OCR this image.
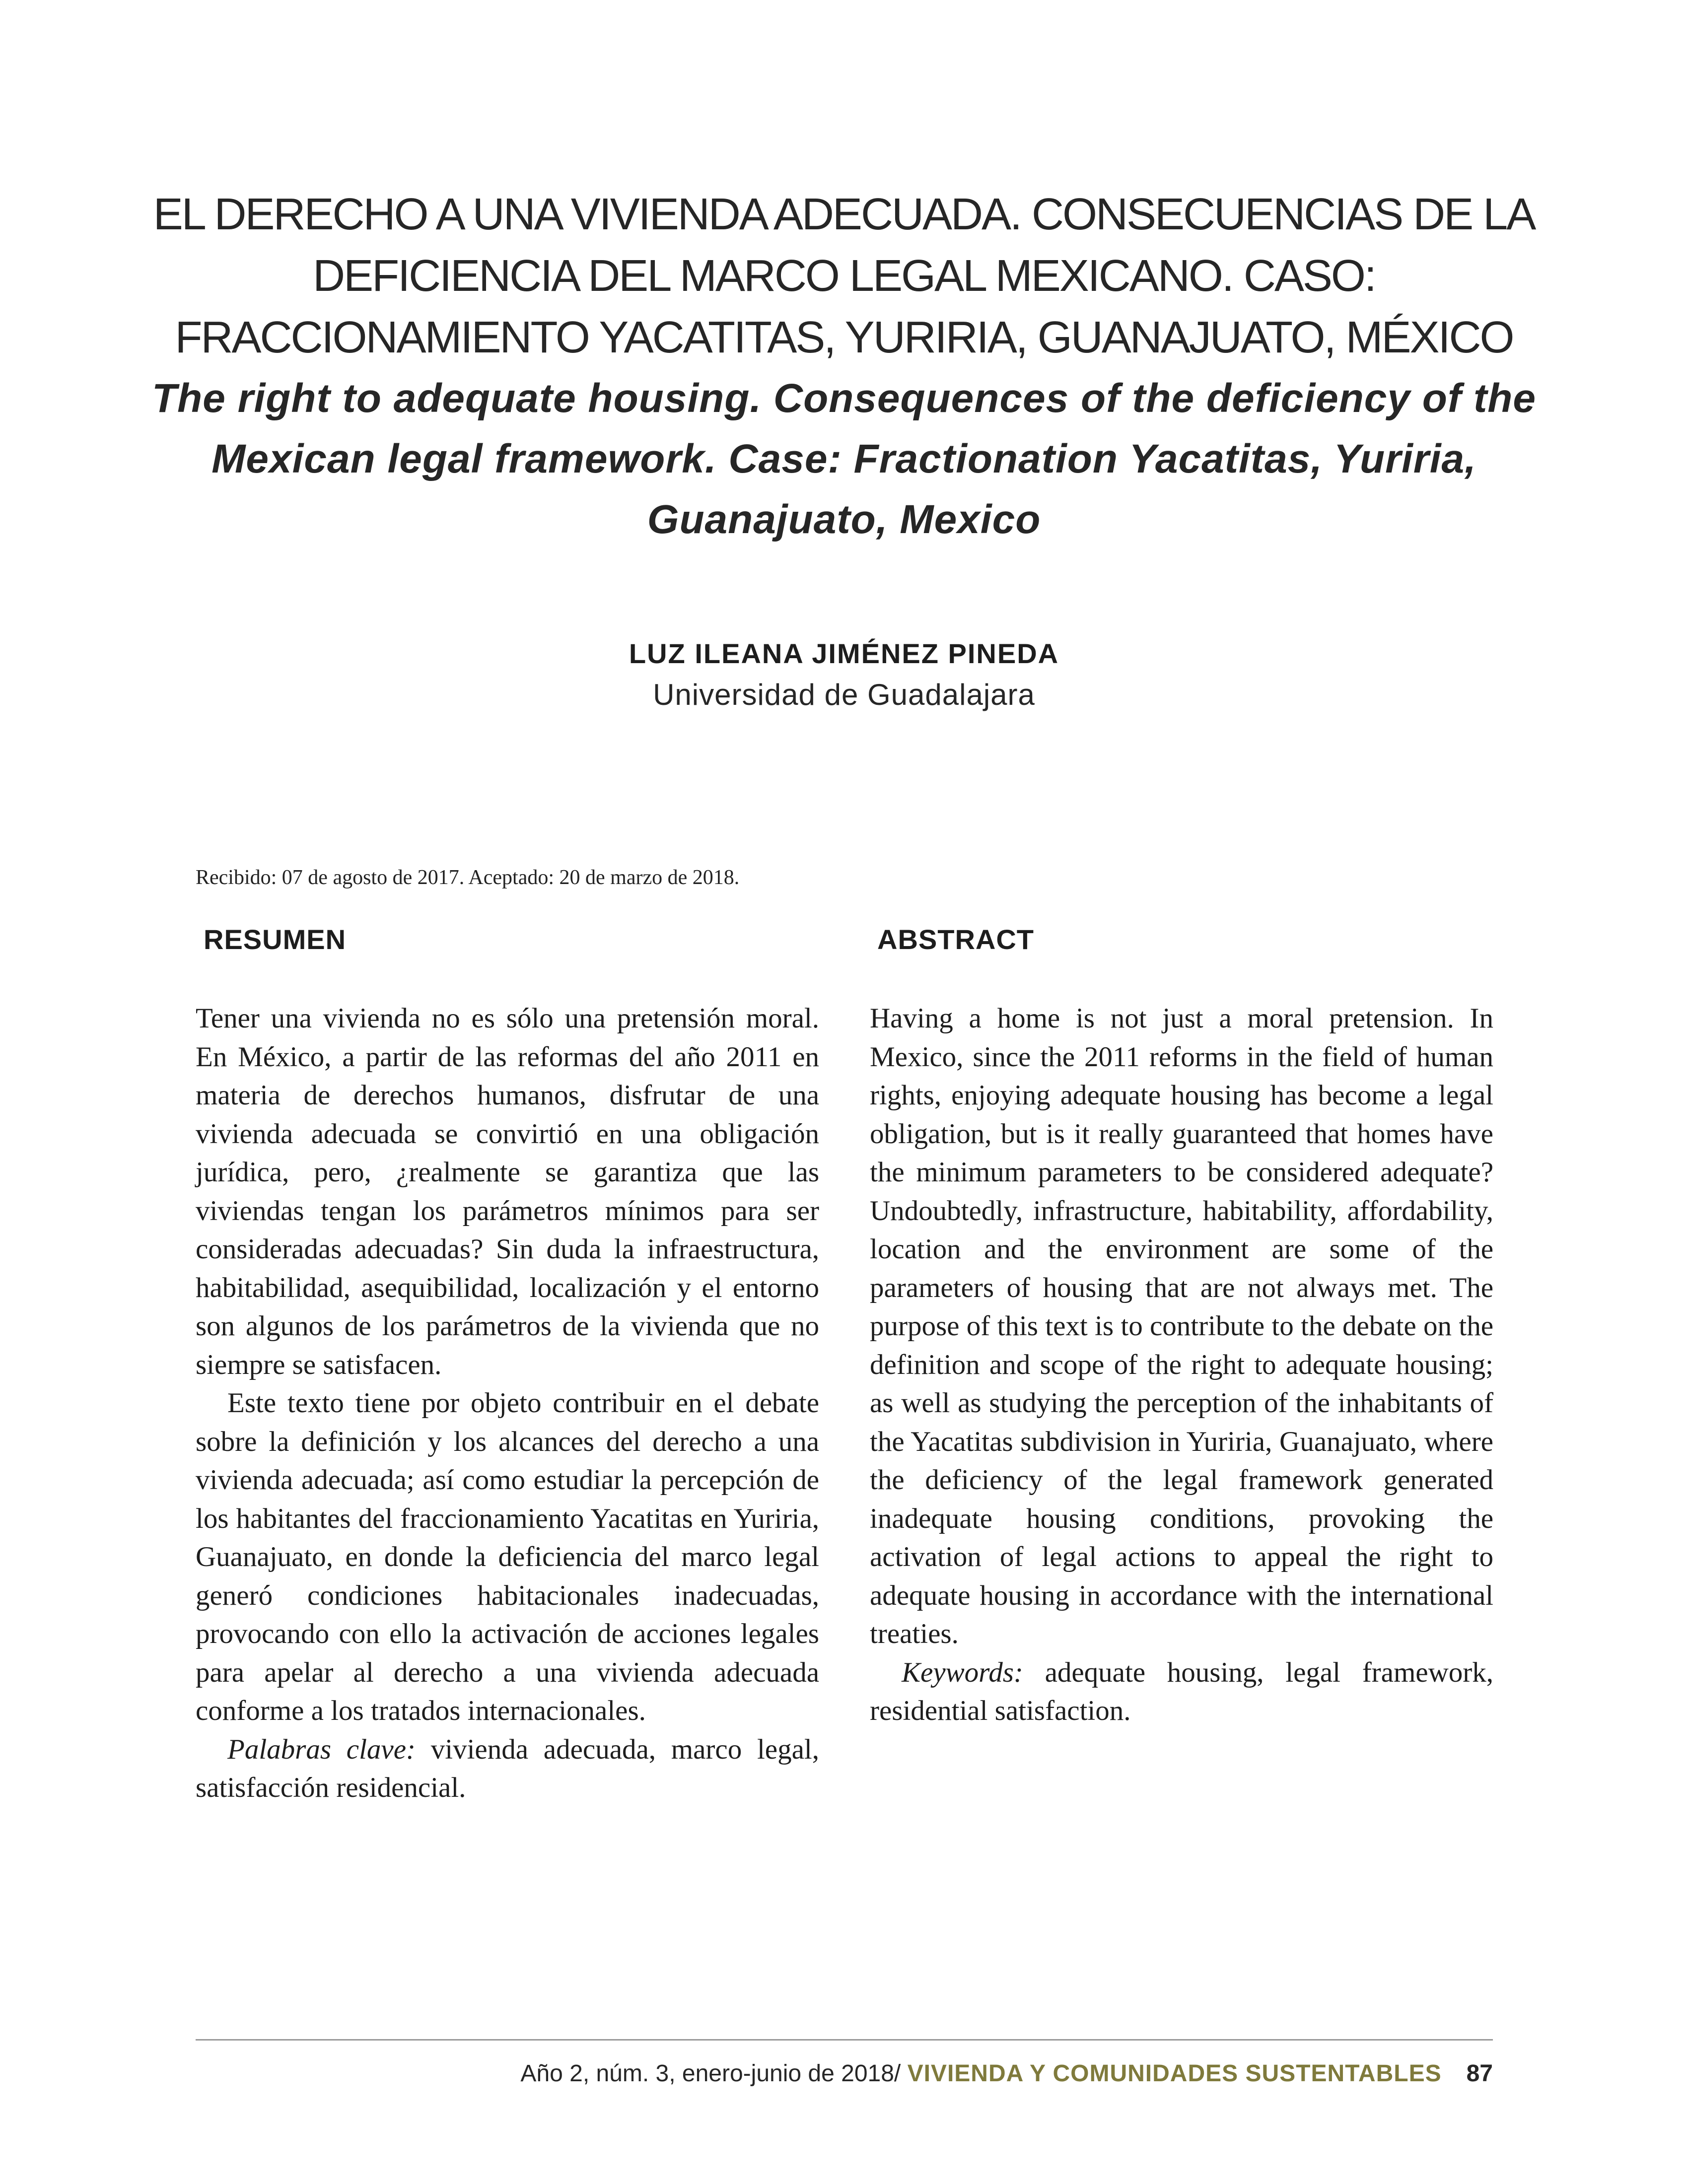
EL DERECHO A UNA VIVIENDA ADECUADA. CONSECUENCIAS DE LA DEFICIENCIA DEL MARCO LEGAL MEXICANO. CASO: FRACCIONAMIENTO YACATITAS, YURIRIA, GUANAJUATO, MÉXICO
The right to adequate housing. Consequences of the deficiency of the Mexican legal framework. Case: Fractionation Yacatitas, Yuriria, Guanajuato, Mexico
LUZ ILEANA JIMÉNEZ PINEDA
Universidad de Guadalajara
Recibido: 07 de agosto de 2017. Aceptado: 20 de marzo de 2018.
RESUMEN	ABSTRACT

Tener una vivienda no es sólo una pretensión moral. En México, a partir de las reformas del año 2011 en materia de derechos humanos, disfrutar de una vivienda adecuada se convirtió en una obligación jurídica, pero, ¿realmente se garantiza que las viviendas tengan los parámetros mínimos para ser consideradas adecuadas? Sin duda la infraestructura, habitabilidad, asequibilidad, localización y el entorno son algunos de los parámetros de la vivienda que no siempre se satisfacen.

Este texto tiene por objeto contribuir en el debate sobre la definición y los alcances del derecho a una vivienda adecuada; así como estudiar la percepción de los habitantes del fraccionamiento Yacatitas en Yuriria, Guanajuato, en donde la deficiencia del marco legal generó condiciones habitacionales inadecuadas, provocando con ello la activación de acciones legales para apelar al derecho a una vivienda adecuada conforme a los tratados internacionales.

Palabras clave: vivienda adecuada, marco legal, satisfacción residencial.

Having a home is not just a moral pretension. In Mexico, since the 2011 reforms in the field of human rights, enjoying adequate housing has become a legal obligation, but is it really guaranteed that homes have the minimum parameters to be considered adequate? Undoubtedly, infrastructure, habitability, affordability, location and the environment are some of the parameters of housing that are not always met. The purpose of this text is to contribute to the debate on the definition and scope of the right to adequate housing; as well as studying the perception of the inhabitants of the Yacatitas subdivision in Yuriria, Guanajuato, where the deficiency of the legal framework generated inadequate housing conditions, provoking the activation of legal actions to appeal the right to adequate housing in accordance with the international treaties.

Keywords: adequate housing, legal framework, residential satisfaction.

Año 2, núm. 3, enero-junio de 2018/ VIVIENDA Y COMUNIDADES SUSTENTABLES 87
